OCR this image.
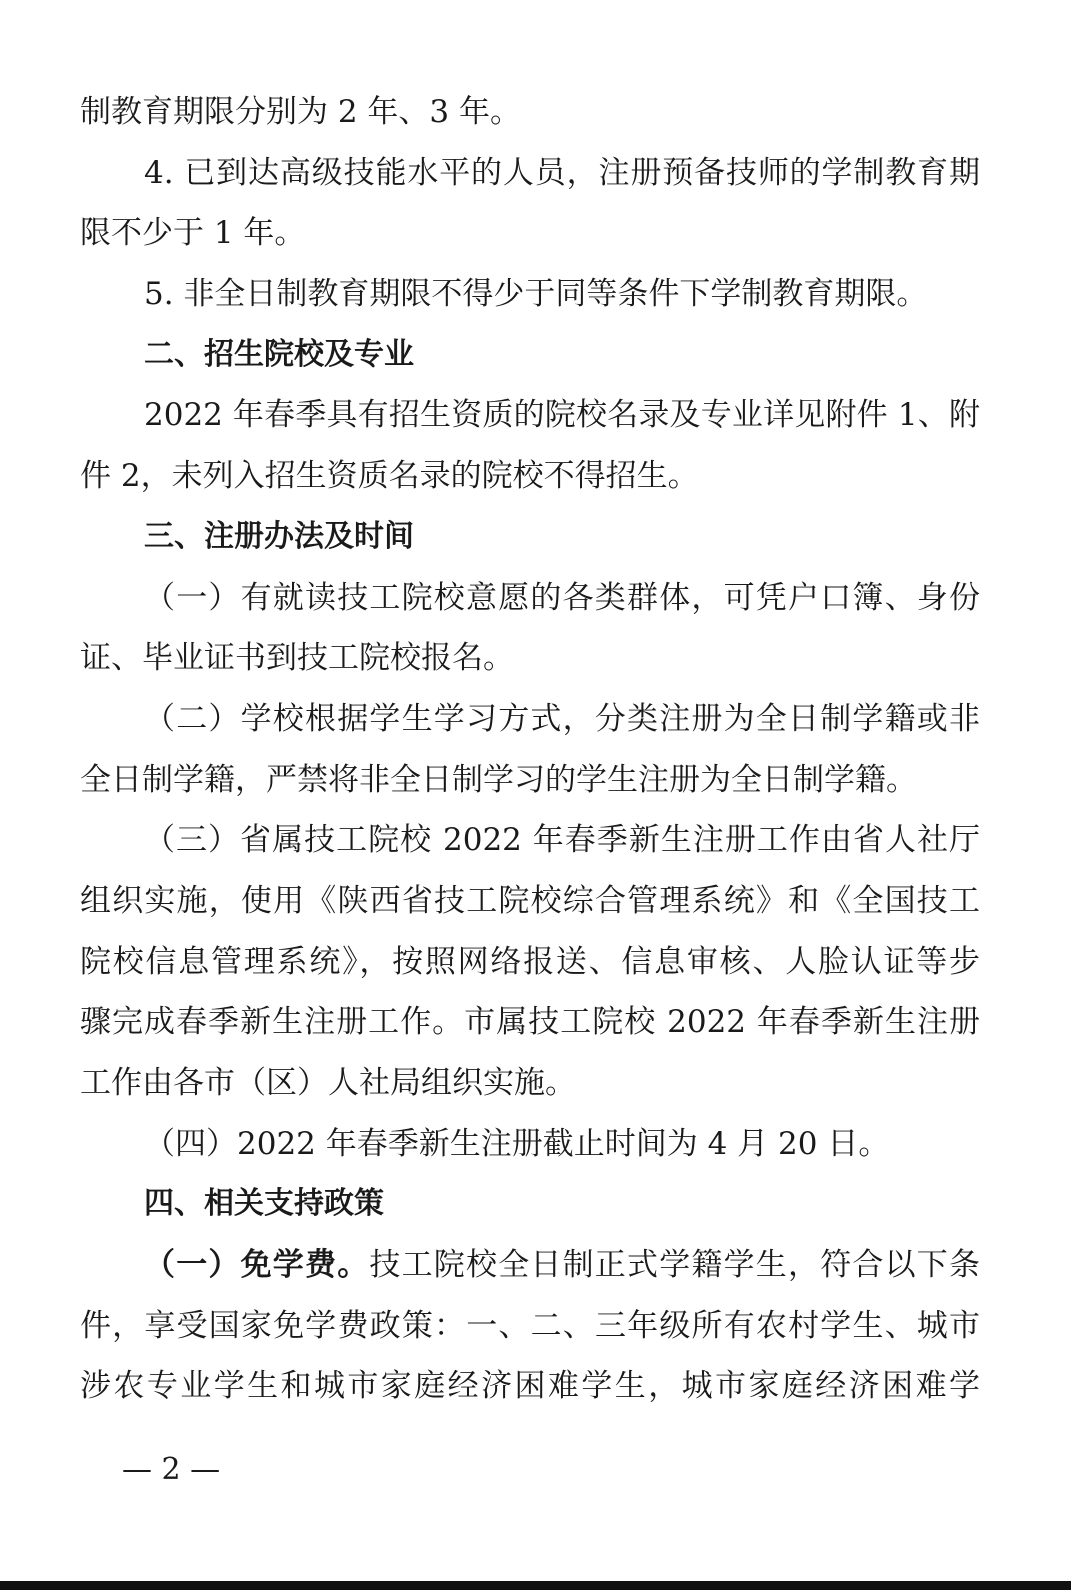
制教育期限分别为 2 年、3 年。
4. 已到达高级技能水平的人员，注册预备技师的学制教育期
限不少于 1 年。
5. 非全日制教育期限不得少于同等条件下学制教育期限。
二、招生院校及专业
2022 年春季具有招生资质的院校名录及专业详见附件 1、附
件 2，未列入招生资质名录的院校不得招生。
三、注册办法及时间
（一）有就读技工院校意愿的各类群体，可凭户口簿、身份
证、毕业证书到技工院校报名。
（二）学校根据学生学习方式，分类注册为全日制学籍或非
全日制学籍，严禁将非全日制学习的学生注册为全日制学籍。
（三）省属技工院校 2022 年春季新生注册工作由省人社厅
组织实施，使用《陕西省技工院校综合管理系统》和《全国技工
院校信息管理系统》，按照网络报送、信息审核、人脸认证等步
骤完成春季新生注册工作。市属技工院校 2022 年春季新生注册
工作由各市（区）人社局组织实施。
（四）2022 年春季新生注册截止时间为 4 月 20 日。
四、相关支持政策
（一）免学费。技工院校全日制正式学籍学生，符合以下条
件，享受国家免学费政策：一、二、三年级所有农村学生、城市
涉农专业学生和城市家庭经济困难学生，城市家庭经济困难学
— 2 —
